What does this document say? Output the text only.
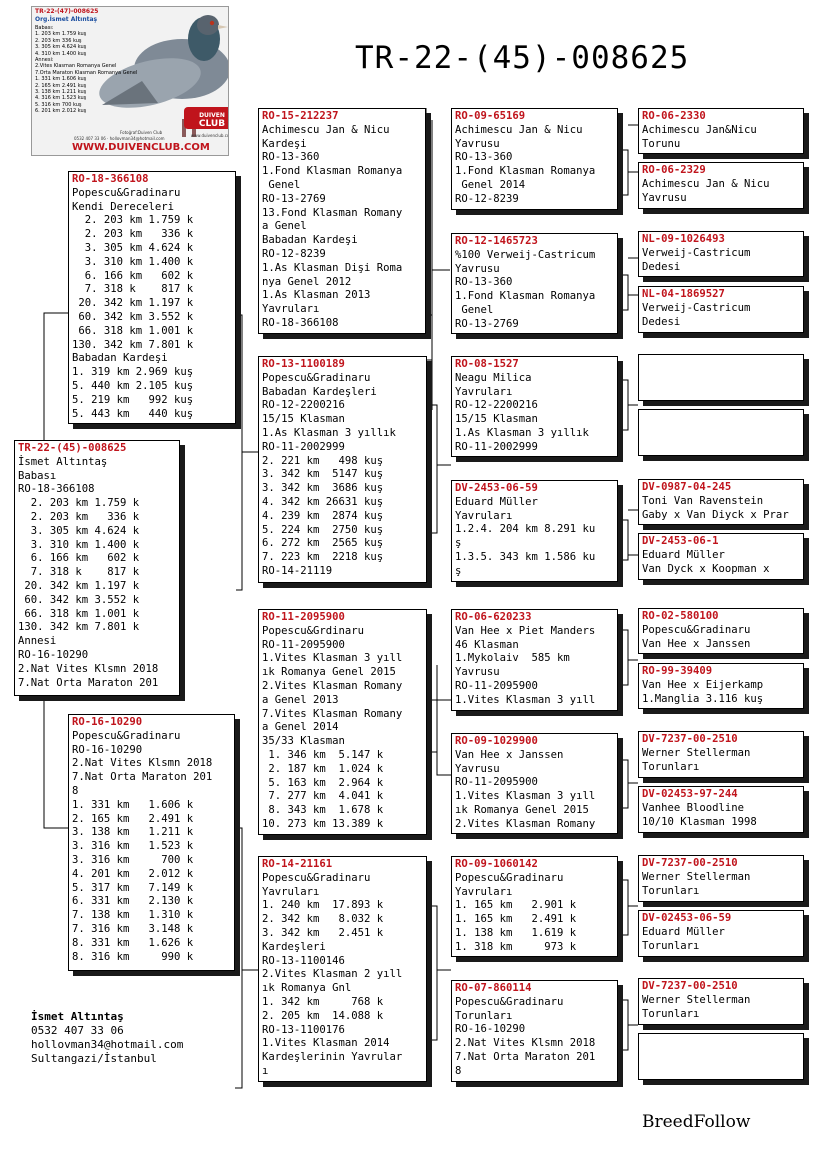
TR-22-(45)-008625
DUIVEN
CLUB
www.duivenclub.com
TR-22-(47)-008625
Org.İsmet Altıntaş
Babası:
1. 203 km 1.759 kuş
2. 203 km 336 kuş
3. 305 km 4.624 kuş
4. 310 km 1.400 kuş
Annesi:
2.Vites Klasman Romanya Genel
7.Orta Maraton Klasman Romanya Genel
1. 331 km 1.606 kuş
2. 165 km 2.491 kuş
3. 138 km 1.211 kuş
4. 316 km 1.523 kuş
5. 316 km 700 kuş
6. 201 km 2.012 kuş
Fotoğraf:Duiven Club
0532 407 33 06 · hollovman34@hotmail.com
WWW.DUIVENCLUB.COM
TR-22-(45)-008625
İsmet Altıntaş
Babası
RO-18-366108
2. 203 km 1.759 k
2. 203 km   336 k
3. 305 km 4.624 k
3. 310 km 1.400 k
6. 166 km   602 k
7. 318 k    817 k
20. 342 km 1.197 k
60. 342 km 3.552 k
66. 318 km 1.001 k
130. 342 km 7.801 k
Annesi
RO-16-10290
2.Nat Vites Klsmn 2018
7.Nat Orta Maraton 201
RO-18-366108
Popescu&Gradinaru
Kendi Dereceleri
2. 203 km 1.759 k
2. 203 km   336 k
3. 305 km 4.624 k
3. 310 km 1.400 k
6. 166 km   602 k
7. 318 k    817 k
20. 342 km 1.197 k
60. 342 km 3.552 k
66. 318 km 1.001 k
130. 342 km 7.801 k
Babadan Kardeşi
1. 319 km 2.969 kuş
5. 440 km 2.105 kuş
5. 219 km   992 kuş
5. 443 km   440 kuş
RO-16-10290
Popescu&Gradinaru
RO-16-10290
2.Nat Vites Klsmn 2018
7.Nat Orta Maraton 201
8
1. 331 km   1.606 k
2. 165 km   2.491 k
3. 138 km   1.211 k
3. 316 km   1.523 k
3. 316 km     700 k
4. 201 km   2.012 k
5. 317 km   7.149 k
6. 331 km   2.130 k
7. 138 km   1.310 k
7. 316 km   3.148 k
8. 331 km   1.626 k
8. 316 km     990 k
RO-15-212237
Achimescu Jan & Nicu
Kardeşi
RO-13-360
1.Fond Klasman Romanya
Genel
RO-13-2769
13.Fond Klasman Romany
a Genel
Babadan Kardeşi
RO-12-8239
1.As Klasman Dişi Roma
nya Genel 2012
1.As Klasman 2013
Yavruları
RO-18-366108
RO-13-1100189
Popescu&Gradinaru
Babadan Kardeşleri
RO-12-2200216
15/15 Klasman
1.As Klasman 3 yıllık
RO-11-2002999
2. 221 km   498 kuş
3. 342 km  5147 kuş
3. 342 km  3686 kuş
4. 342 km 26631 kuş
4. 239 km  2874 kuş
5. 224 km  2750 kuş
6. 272 km  2565 kuş
7. 223 km  2218 kuş
RO-14-21119
RO-11-2095900
Popescu&Grdinaru
RO-11-2095900
1.Vites Klasman 3 yıll
ık Romanya Genel 2015
2.Vites Klasman Romany
a Genel 2013
7.Vites Klasman Romany
a Genel 2014
35/33 Klasman
1. 346 km  5.147 k
2. 187 km  1.024 k
5. 163 km  2.964 k
7. 277 km  4.041 k
8. 343 km  1.678 k
10. 273 km 13.389 k
RO-14-21161
Popescu&Gradinaru
Yavruları
1. 240 km  17.893 k
2. 342 km   8.032 k
3. 342 km   2.451 k
Kardeşleri
RO-13-1100146
2.Vites Klasman 2 yıll
ık Romanya Gnl
1. 342 km     768 k
2. 205 km  14.088 k
RO-13-1100176
1.Vites Klasman 2014
Kardeşlerinin Yavrular
ı
RO-09-65169
Achimescu Jan & Nicu
Yavrusu
RO-13-360
1.Fond Klasman Romanya
Genel 2014
RO-12-8239
RO-12-1465723
%100 Verweij-Castricum
Yavrusu
RO-13-360
1.Fond Klasman Romanya
Genel
RO-13-2769
RO-08-1527
Neagu Milica
Yavruları
RO-12-2200216
15/15 Klasman
1.As Klasman 3 yıllık
RO-11-2002999
DV-2453-06-59
Eduard Müller
Yavruları
1.2.4. 204 km 8.291 ku
ş
1.3.5. 343 km 1.586 ku
ş
RO-06-620233
Van Hee x Piet Manders
46 Klasman
1.Mykolaiv  585 km
Yavrusu
RO-11-2095900
1.Vites Klasman 3 yıll
RO-09-1029900
Van Hee x Janssen
Yavrusu
RO-11-2095900
1.Vites Klasman 3 yıll
ık Romanya Genel 2015
2.Vites Klasman Romany
RO-09-1060142
Popescu&Gradinaru
Yavruları
1. 165 km   2.901 k
1. 165 km   2.491 k
1. 138 km   1.619 k
1. 318 km     973 k
RO-07-860114
Popescu&Gradinaru
Torunları
RO-16-10290
2.Nat Vites Klsmn 2018
7.Nat Orta Maraton 201
8
RO-06-2330
Achimescu Jan&Nicu
Torunu
RO-06-2329
Achimescu Jan & Nicu
Yavrusu
NL-09-1026493
Verweij-Castricum
Dedesi
NL-04-1869527
Verweij-Castricum
Dedesi
DV-0987-04-245
Toni Van Ravenstein
Gaby x Van Diyck x Prar
DV-2453-06-1
Eduard Müller
Van Dyck x Koopman x
RO-02-580100
Popescu&Gradinaru
Van Hee x Janssen
RO-99-39409
Van Hee x Eijerkamp
1.Manglia 3.116 kuş
DV-7237-00-2510
Werner Stellerman
Torunları
DV-02453-97-244
Vanhee Bloodline
10/10 Klasman 1998
DV-7237-00-2510
Werner Stellerman
Torunları
DV-02453-06-59
Eduard Müller
Torunları
DV-7237-00-2510
Werner Stellerman
Torunları
İsmet Altıntaş
0532 407 33 06
hollovman34@hotmail.com
Sultangazi/İstanbul
BreedFollow
